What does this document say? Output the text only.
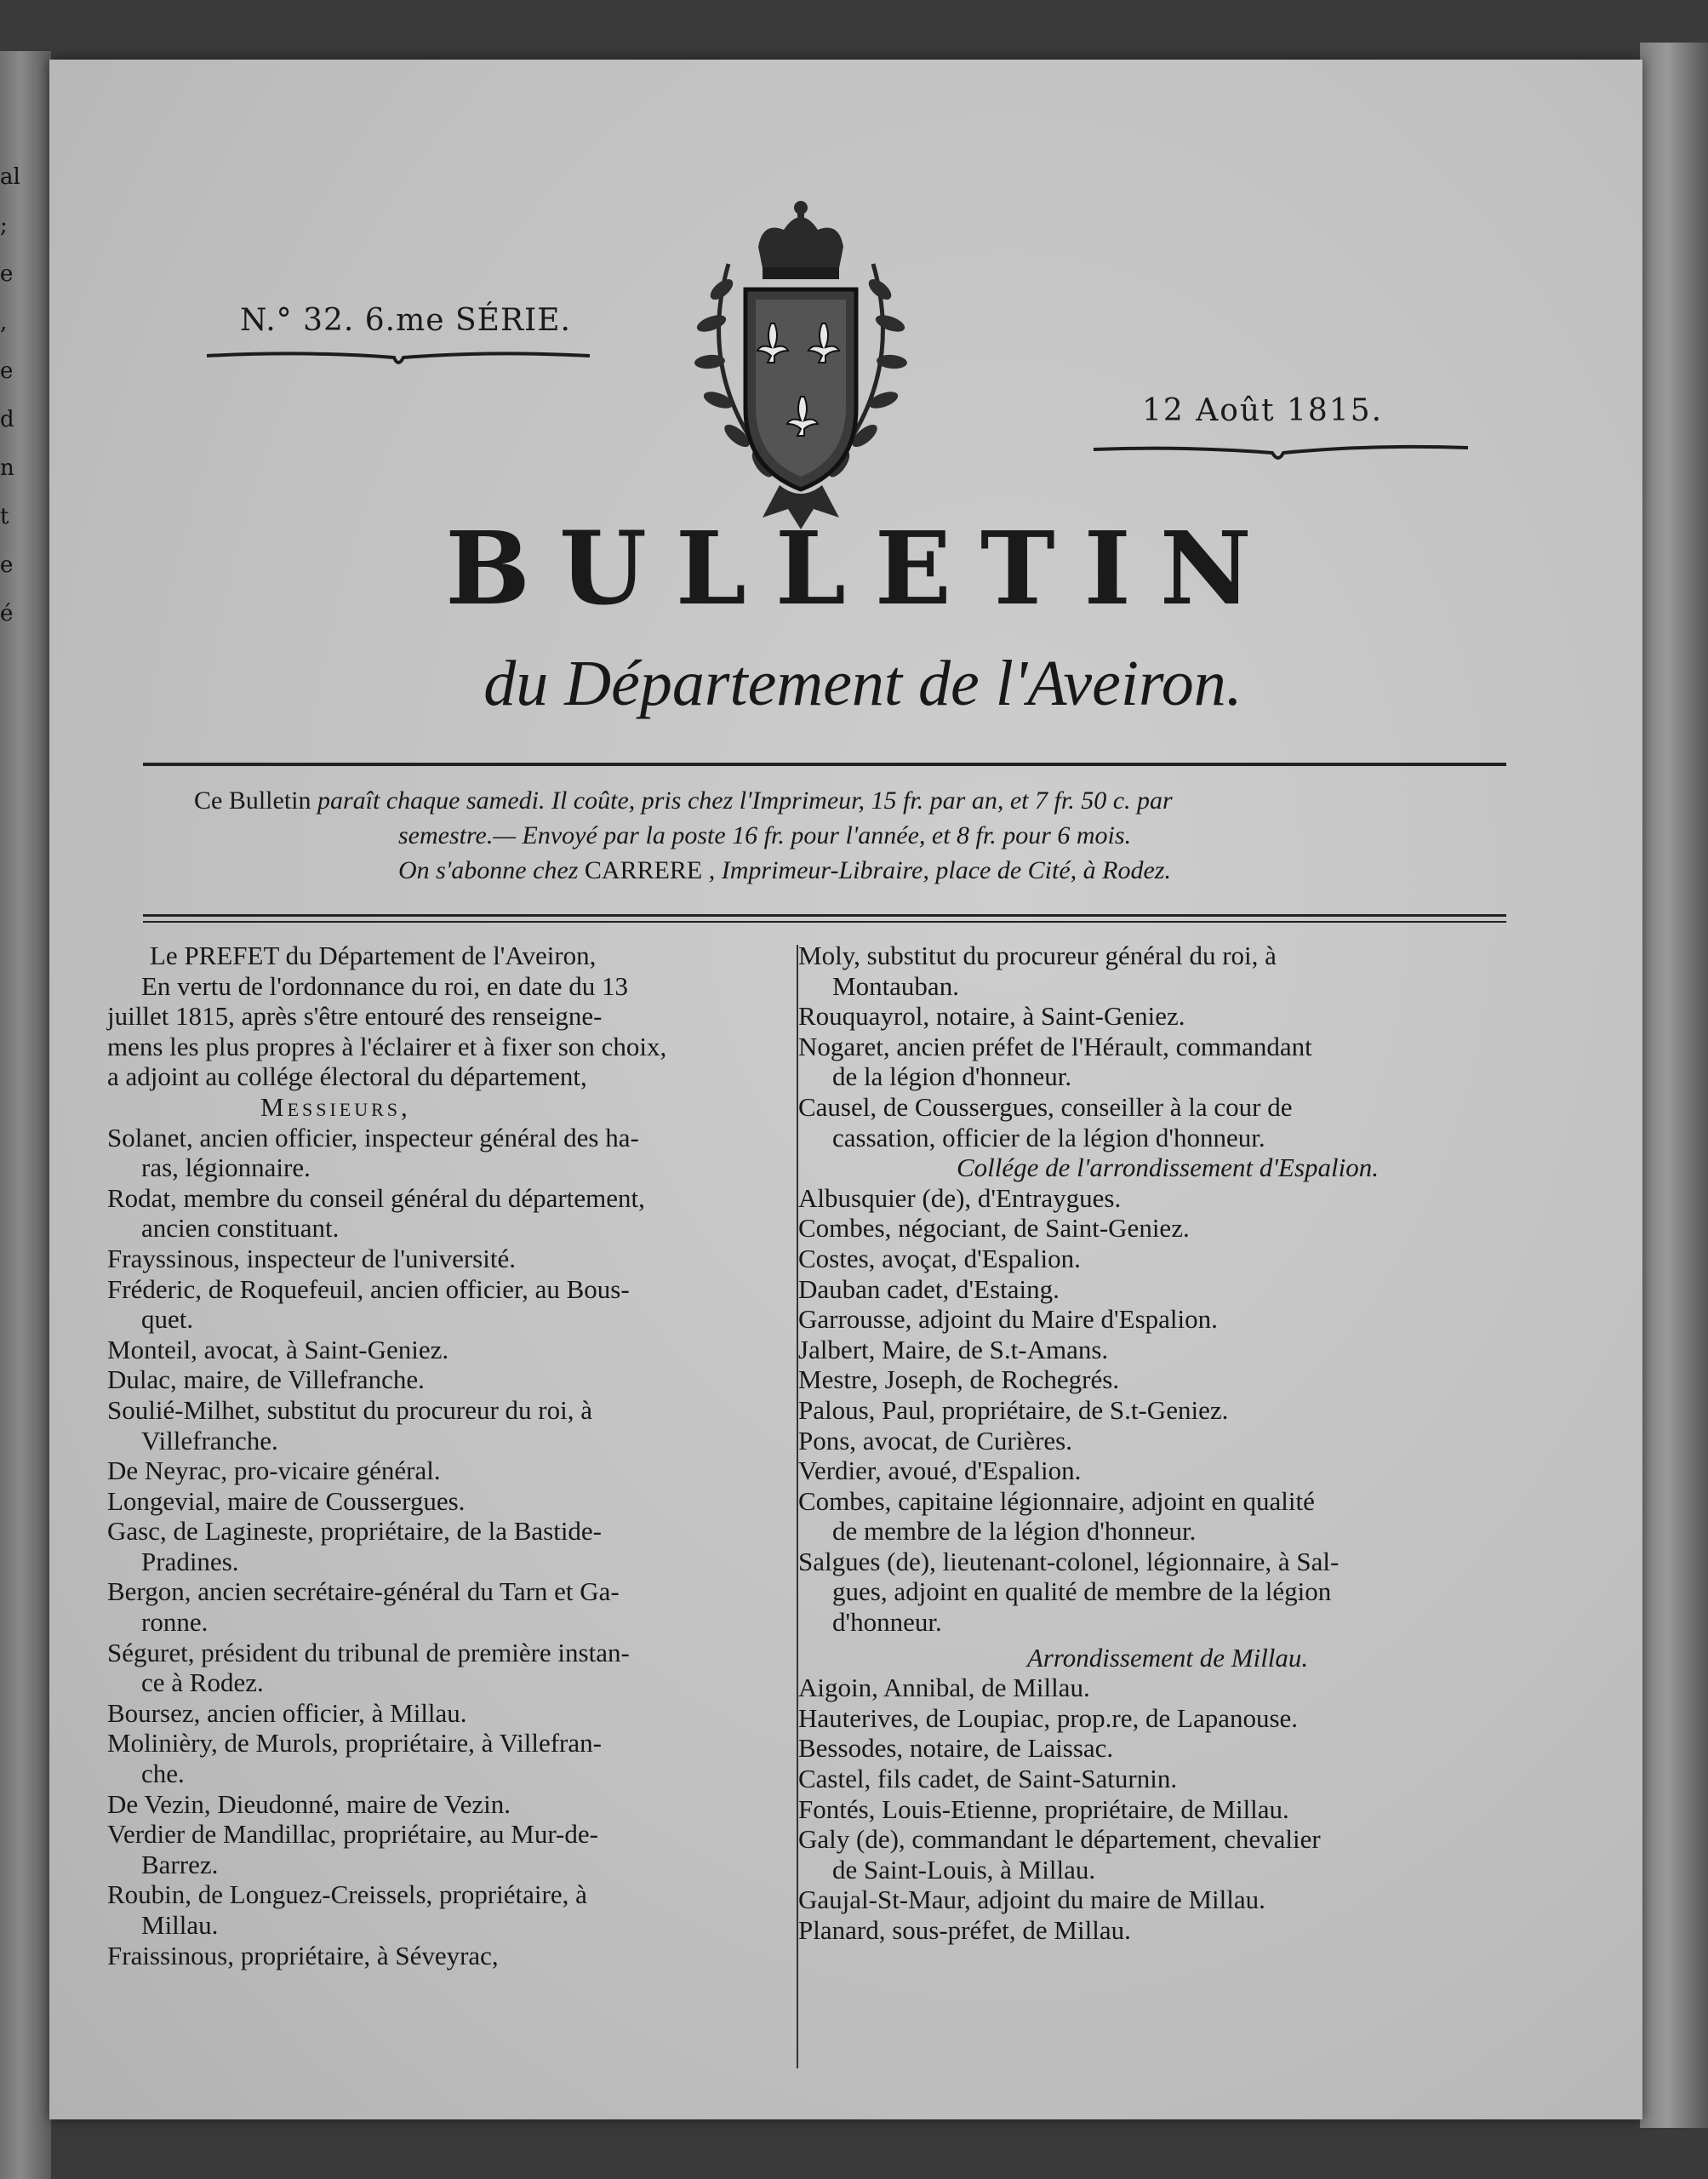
al
;
e
,
e
d
n
t
e
é
N.° 32. 6.me SÉRIE.
12 Août 1815.
BULLETIN
du Département de l'Aveiron.
Ce Bulletin paraît chaque samedi. Il coûte, pris chez l'Imprimeur, 15 fr. par an, et 7 fr. 50 c. par
semestre.— Envoyé par la poste 16 fr. pour l'année, et 8 fr. pour 6 mois.
On s'abonne chez CARRERE , Imprimeur-Libraire, place de Cité, à Rodez.
Le PREFET du Département de l'Aveiron,
En vertu de l'ordonnance du roi, en date du 13
juillet 1815, après s'être entouré des renseigne-
mens les plus propres à l'éclairer et à fixer son choix,
a adjoint au collége électoral du département,
Messieurs,
Solanet, ancien officier, inspecteur général des ha-
ras, légionnaire.
Rodat, membre du conseil général du département,
ancien constituant.
Frayssinous, inspecteur de l'université.
Fréderic, de Roquefeuil, ancien officier, au Bous-
quet.
Monteil, avocat, à Saint-Geniez.
Dulac, maire, de Villefranche.
Soulié-Milhet, substitut du procureur du roi, à
Villefranche.
De Neyrac, pro-vicaire général.
Longevial, maire de Coussergues.
Gasc, de Lagineste, propriétaire, de la Bastide-
Pradines.
Bergon, ancien secrétaire-général du Tarn et Ga-
ronne.
Séguret, président du tribunal de première instan-
ce à Rodez.
Boursez, ancien officier, à Millau.
Molinièry, de Murols, propriétaire, à Villefran-
che.
De Vezin, Dieudonné, maire de Vezin.
Verdier de Mandillac, propriétaire, au Mur-de-
Barrez.
Roubin, de Longuez-Creissels, propriétaire, à
Millau.
Fraissinous, propriétaire, à Séveyrac,
Moly, substitut du procureur général du roi, à
Montauban.
Rouquayrol, notaire, à Saint-Geniez.
Nogaret, ancien préfet de l'Hérault, commandant
de la légion d'honneur.
Causel, de Coussergues, conseiller à la cour de
cassation, officier de la légion d'honneur.
Collége de l'arrondissement d'Espalion.
Albusquier (de), d'Entraygues.
Combes, négociant, de Saint-Geniez.
Costes, avoçat, d'Espalion.
Dauban cadet, d'Estaing.
Garrousse, adjoint du Maire d'Espalion.
Jalbert, Maire, de S.t-Amans.
Mestre, Joseph, de Rochegrés.
Palous, Paul, propriétaire, de S.t-Geniez.
Pons, avocat, de Curières.
Verdier, avoué, d'Espalion.
Combes, capitaine légionnaire, adjoint en qualité
de membre de la légion d'honneur.
Salgues (de), lieutenant-colonel, légionnaire, à Sal-
gues, adjoint en qualité de membre de la légion
d'honneur.
Arrondissement de Millau.
Aigoin, Annibal, de Millau.
Hauterives, de Loupiac, prop.re, de Lapanouse.
Bessodes, notaire, de Laissac.
Castel, fils cadet, de Saint-Saturnin.
Fontés, Louis-Etienne, propriétaire, de Millau.
Galy (de), commandant le département, chevalier
de Saint-Louis, à Millau.
Gaujal-St-Maur, adjoint du maire de Millau.
Planard, sous-préfet, de Millau.
